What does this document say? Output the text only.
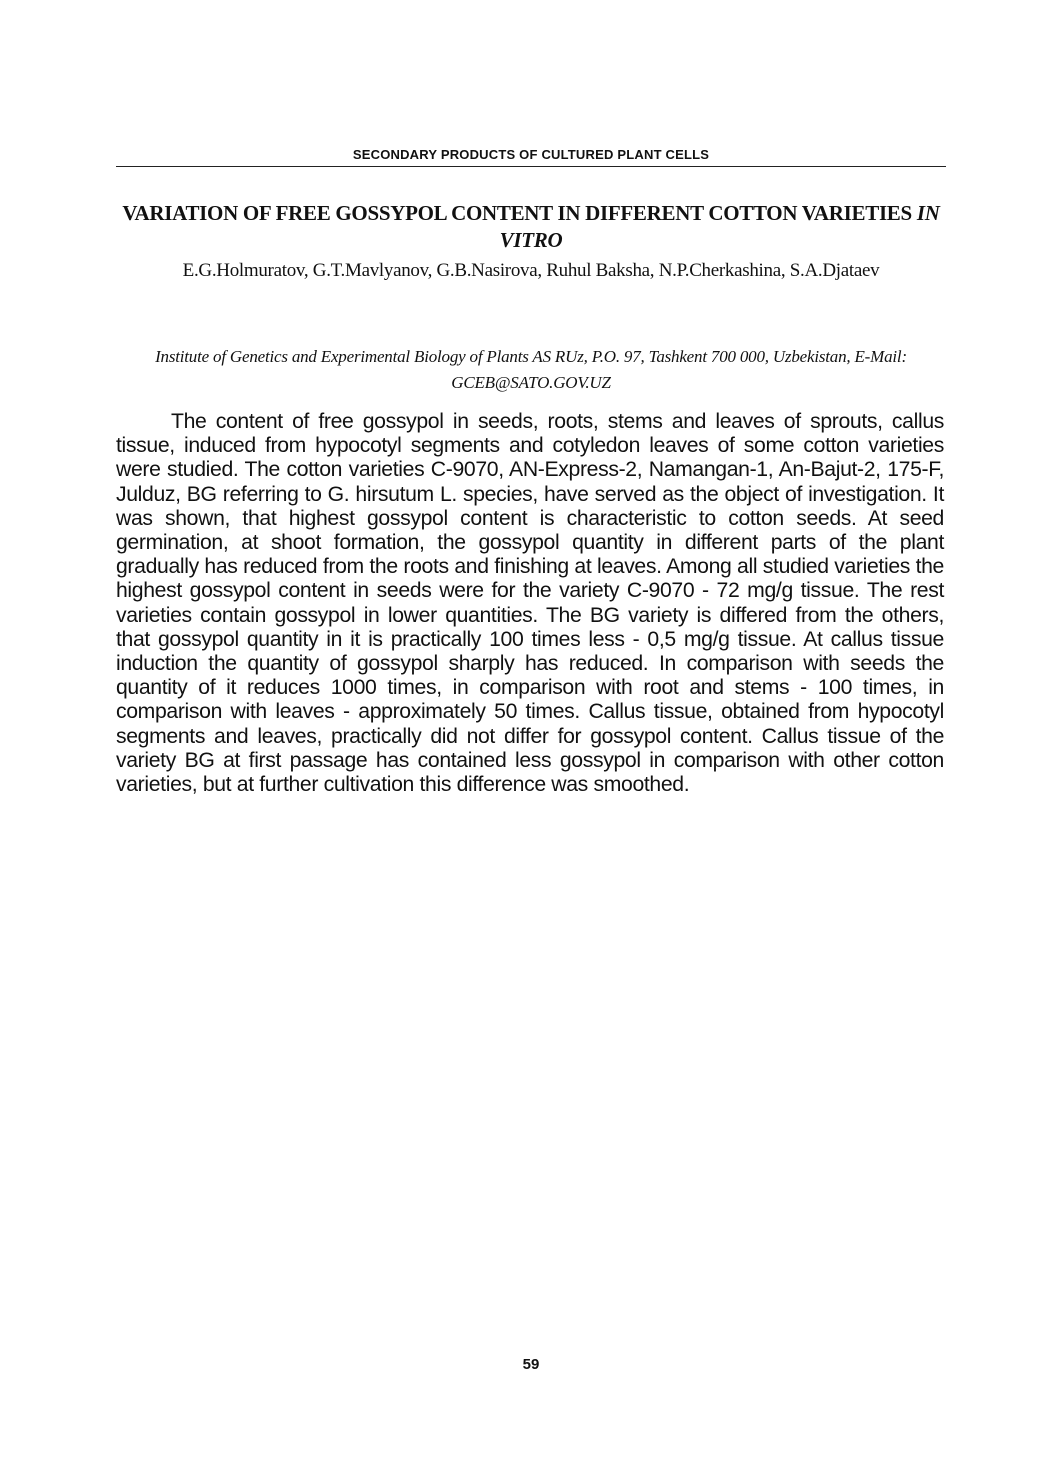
SECONDARY PRODUCTS OF CULTURED PLANT CELLS
VARIATION OF FREE GOSSYPOL CONTENT IN DIFFERENT COTTON VARIETIES IN VITRO
E.G.Holmuratov, G.T.Mavlyanov, G.B.Nasirova, Ruhul Baksha, N.P.Cherkashina, S.A.Djataev
Institute of Genetics and Experimental Biology of Plants AS RUz, P.O. 97, Tashkent 700 000, Uzbekistan, E-Mail: GCEB@SATO.GOV.UZ

The content of free gossypol in seeds, roots, stems and leaves of sprouts, callus tissue, induced from hypocotyl segments and cotyledon leaves of some cotton varieties were studied. The cotton varieties C-9070, AN-Express-2, Namangan-1, An-Bajut-2, 175-F, Julduz, BG referring to G. hirsutum L. species, have served as the object of investigation. It was shown, that highest gossypol content is characteristic to cotton seeds. At seed germination, at shoot formation, the gossypol quantity in different parts of the plant gradually has reduced from the roots and finishing at leaves. Among all studied varieties the highest gossypol content in seeds were for the variety C-9070 - 72 mg/g tissue. The rest varieties contain gossypol in lower quantities. The BG variety is differed from the others, that gossypol quantity in it is practically 100 times less - 0,5 mg/g tissue. At callus tissue induction the quantity of gossypol sharply has reduced. In comparison with seeds the quantity of it reduces 1000 times, in comparison with root and stems - 100 times, in comparison with leaves - approximately 50 times. Callus tissue, obtained from hypocotyl segments and leaves, practically did not differ for gossypol content. Callus tissue of the variety BG at first passage has contained less gossypol in comparison with other cotton varieties, but at further cultivation this difference was smoothed.

59
